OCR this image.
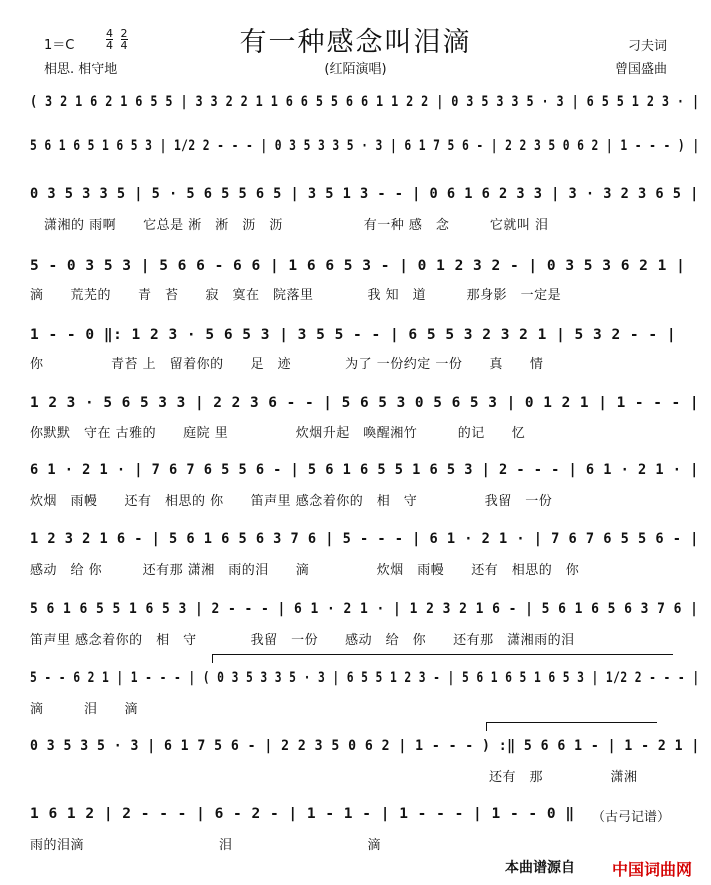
有一种感念叫泪滴
1＝C	$\frac{4}{4}$
$\frac{2}{4}$
相思. 相守地	(红陌演唱)
刁夫词
曾国盛曲
( 3 2 1 6 2 1 6 5 5 | 3 3 2 2 1 1 6 6 5 5 6 6 1 1 2 2 | 0 3 5 3 3 5 · 3 | 6 5 5 1 2 3 · |
5 6 1 6 5 1 6 5 3 | 1/2 2 - - - | 0 3 5 3 3 5 · 3 | 6 1 7 5 6 - | 2 2 3 5 0 6 2 | 1 - - - ) |
0 3 5 3 3 5 | 5 · 5 6 5 5 6 5 | 3 5 1 3 - - | 0 6 1 6 2 3 3 | 3 · 3 2 3 6 5 |
潇湘的 雨啊　　它总是 淅　淅　沥　沥　　　　　　有一种 感　念　　　它就叫 泪
5 - 0 3 5 3 | 5 6 6 - 6 6 | 1 6 6 5 3 - | 0 1 2 3 2 - | 0 3 5 3 6 2 1 |
滴　　荒芜的　　青　苔　　寂　寞在　院落里　　　　我 知　道　　　那身影　一定是
1 - - 0 ‖: 1 2 3 · 5 6 5 3 | 3 5 5 - - | 6 5 5 3 2 3 2 1 | 5 3 2 - - |
你　　　　　青苔 上　留着你的　　足　迹　　　　为了 一份约定 一份　　真　　情
1 2 3 · 5 6 5 3 3 | 2 2 3 6 - - | 5 6 5 3 0 5 6 5 3 | 0 1 2 1 | 1 - - - |
你默默　守在 古雅的　　庭院 里　　　　　炊烟升起　喚醒湘竹　　　的记　　忆
6 1 · 2 1 · | 7 6 7 6 5 5 6 - | 5 6 1 6 5 5 1 6 5 3 | 2 - - - | 6 1 · 2 1 · |
炊烟　雨幔　　还有　相思的 你　　笛声里 感念着你的　相　守　　　　　我留　一份
1 2 3 2 1 6 - | 5 6 1 6 5 6 3 7 6 | 5 - - - | 6 1 · 2 1 · | 7 6 7 6 5 5 6 - |
感动　给 你　　　还有那 潇湘　雨的泪　　滴　　　　　炊烟　雨幔　　还有　相思的　你
5 6 1 6 5 5 1 6 5 3 | 2 - - - | 6 1 · 2 1 · | 1 2 3 2 1 6 - | 5 6 1 6 5 6 3 7 6 |
笛声里 感念着你的　相　守　　　　我留　一份　　感动　给　你　　还有那　潇湘雨的泪
5 - - 6 2 1 | 1 - - - | ( 0 3 5 3 3 5 · 3 | 6 5 5 1 2 3 - | 5 6 1 6 5 1 6 5 3 | 1/2 2 - - - |
滴　　　泪　　滴
0 3 5 3 5 · 3 | 6 1 7 5 6 - | 2 2 3 5 0 6 2 | 1 - - - ) :‖ 5 6 6 1 - | 1 - 2 1 |
　　　　　　　　　　　　　　　　　　　　　　　　　　　　　　　　　　还有　那　　　　　潇湘
1 6 1 2 | 2 - - - | 6 - 2 - | 1 - 1 - | 1 - - - | 1 - - 0 ‖
雨的泪滴　　　　　　　　　　泪　　　　　　　　　　滴
（古弓记谱）
本曲谱源自 中国词曲网
